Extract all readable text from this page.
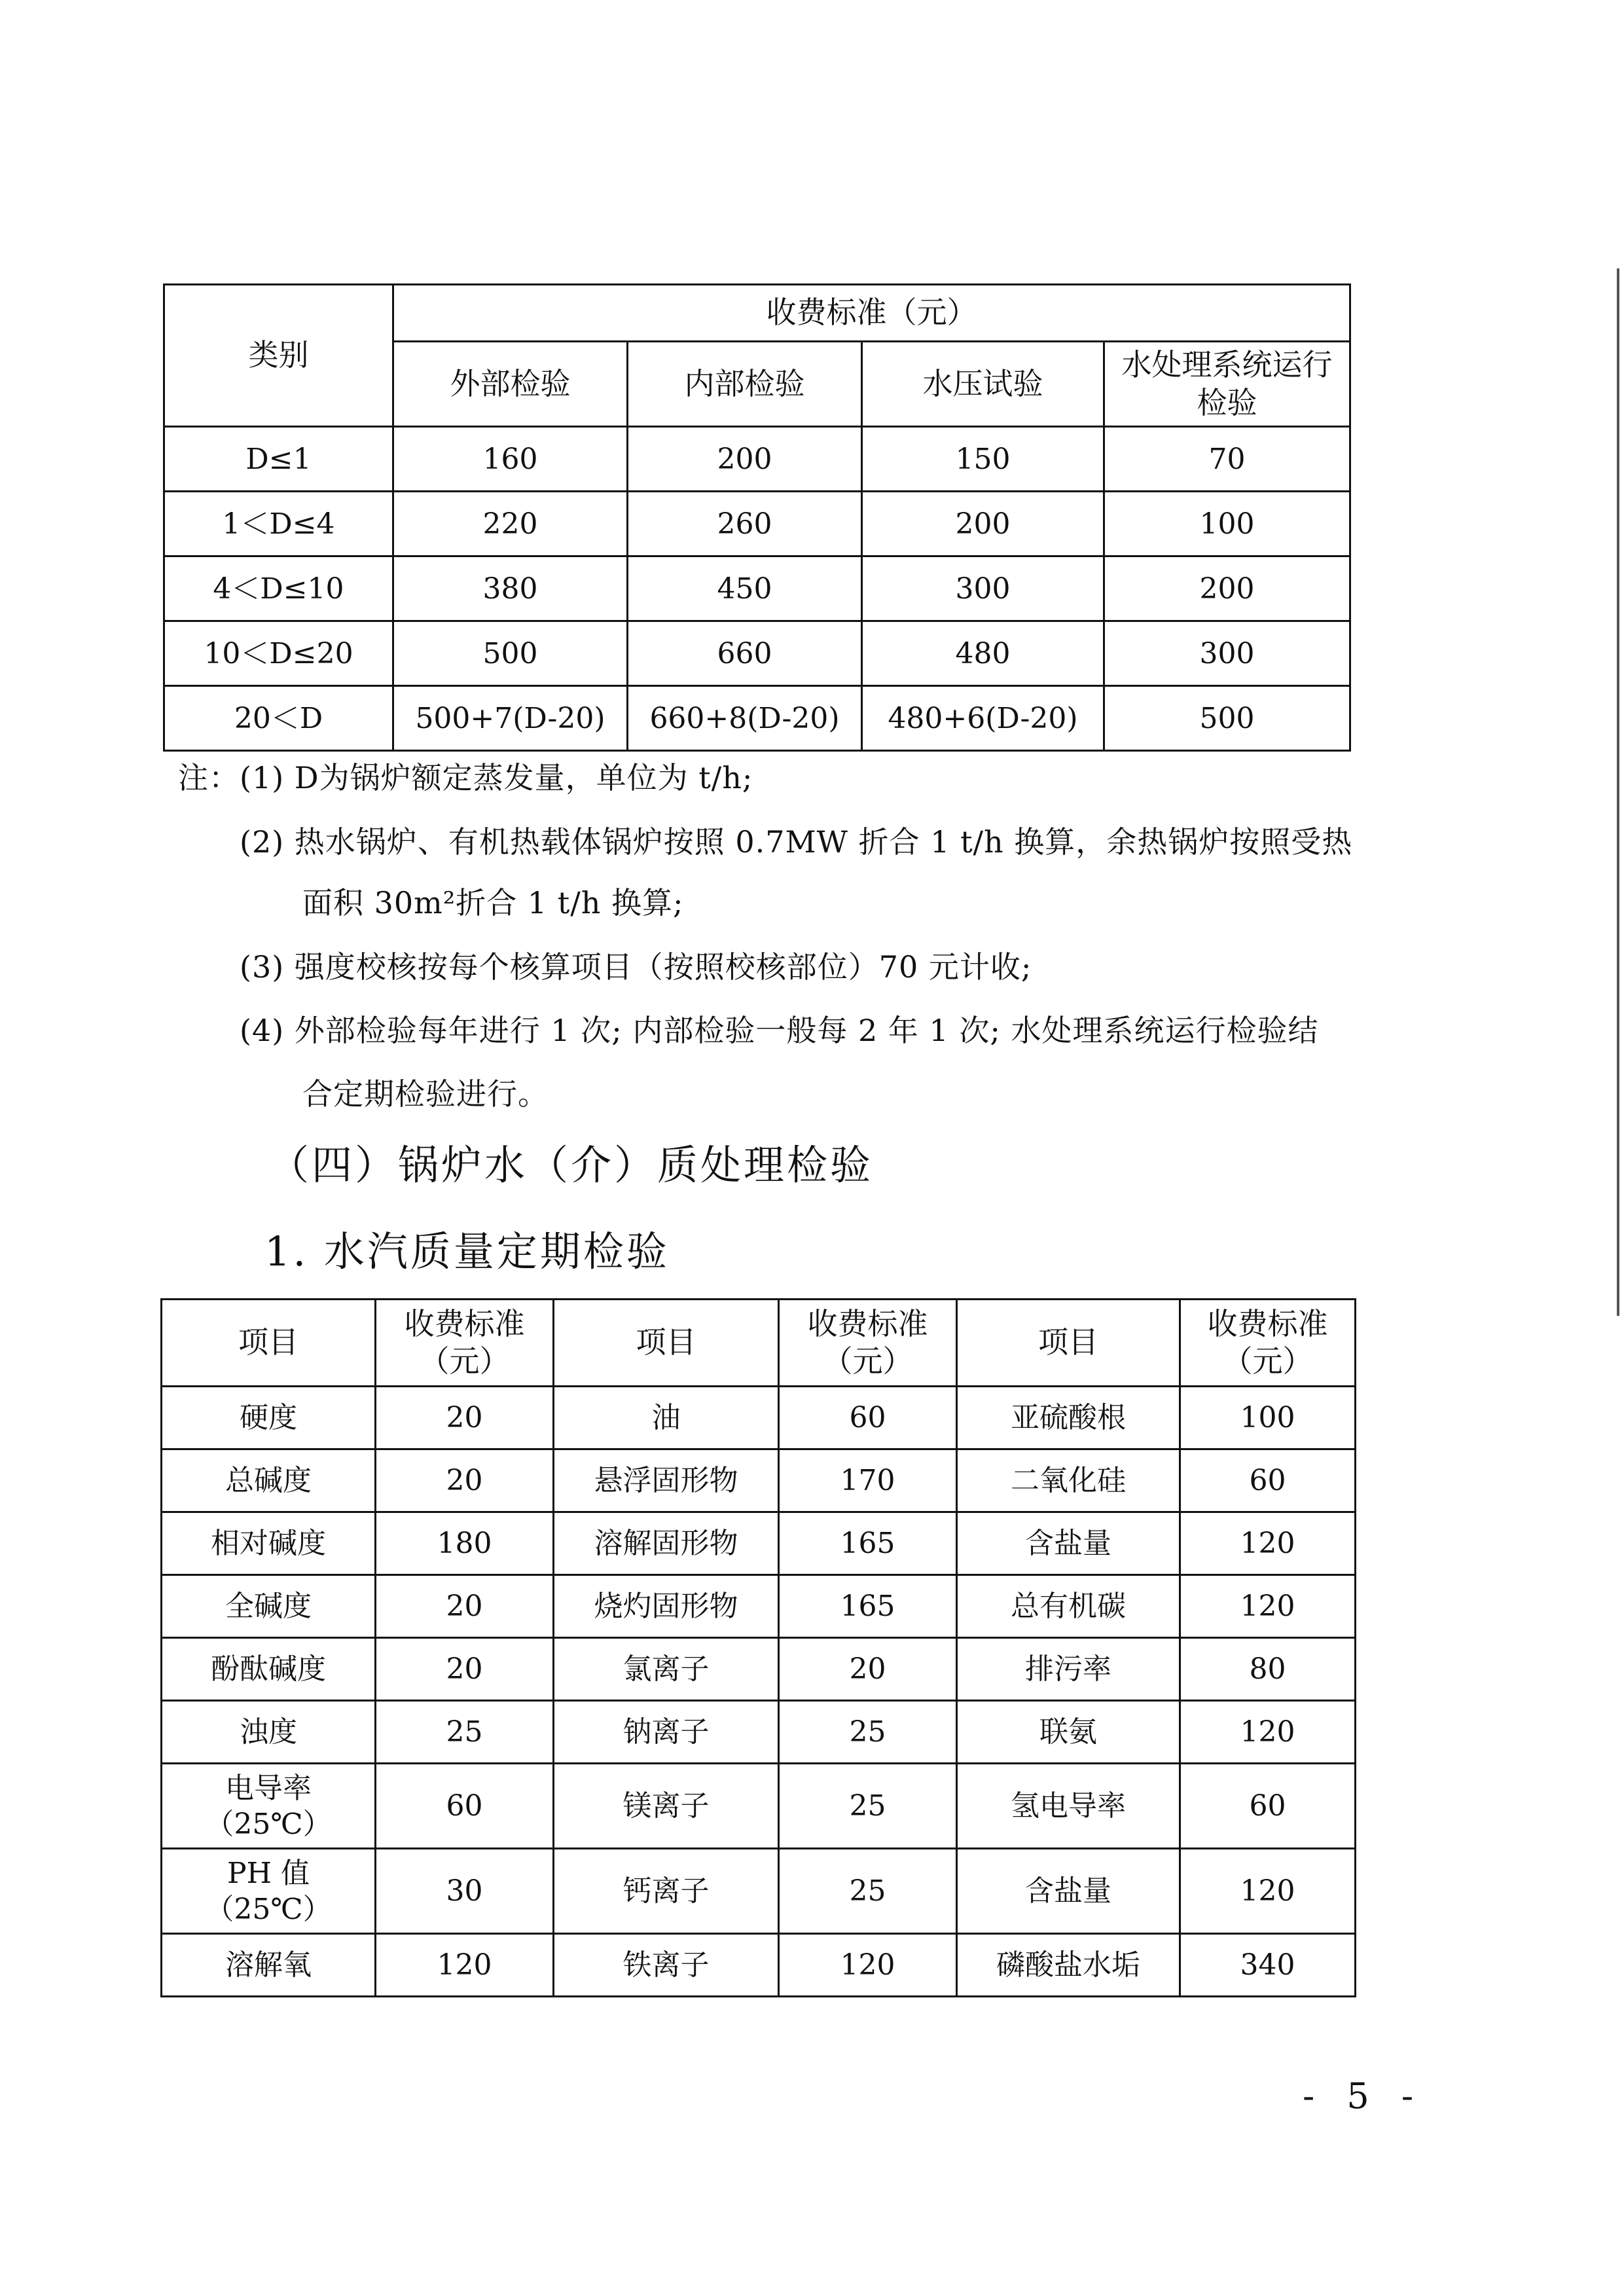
类别	收费标准（元）			
	外部检验	内部检验	水压试验	水处理系统运行检验
D≤1	160	200	150	70
1＜D≤4	220	260	200	100
4＜D≤10	380	450	300	200
10＜D≤20	500	660	480	300
20＜D	500+7(D-20)	660+8(D-20)	480+6(D-20)	500
注：(1) D为锅炉额定蒸发量，单位为 t/h;
(2) 热水锅炉、有机热载体锅炉按照 0.7MW 折合 1 t/h 换算，余热锅炉按照受热
面积 30m²折合 1 t/h 换算;
(3) 强度校核按每个核算项目（按照校核部位）70 元计收;
(4) 外部检验每年进行 1 次; 内部检验一般每 2 年 1 次; 水处理系统运行检验结
合定期检验进行。
（四）锅炉水（介）质处理检验
1. 水汽质量定期检验
项目	收费标准（元）	项目	收费标准（元）	项目	收费标准（元）
硬度	20	油	60	亚硫酸根	100
总碱度	20	悬浮固形物	170	二氧化硅	60
相对碱度	180	溶解固形物	165	含盐量	120
全碱度	20	烧灼固形物	165	总有机碳	120
酚酞碱度	20	氯离子	20	排污率	80
浊度	25	钠离子	25	联氨	120
电导率（25℃）	60	镁离子	25	氢电导率	60
PH 值（25℃）	30	钙离子	25	含盐量	120
溶解氧	120	铁离子	120	磷酸盐水垢	340
- 5 -
